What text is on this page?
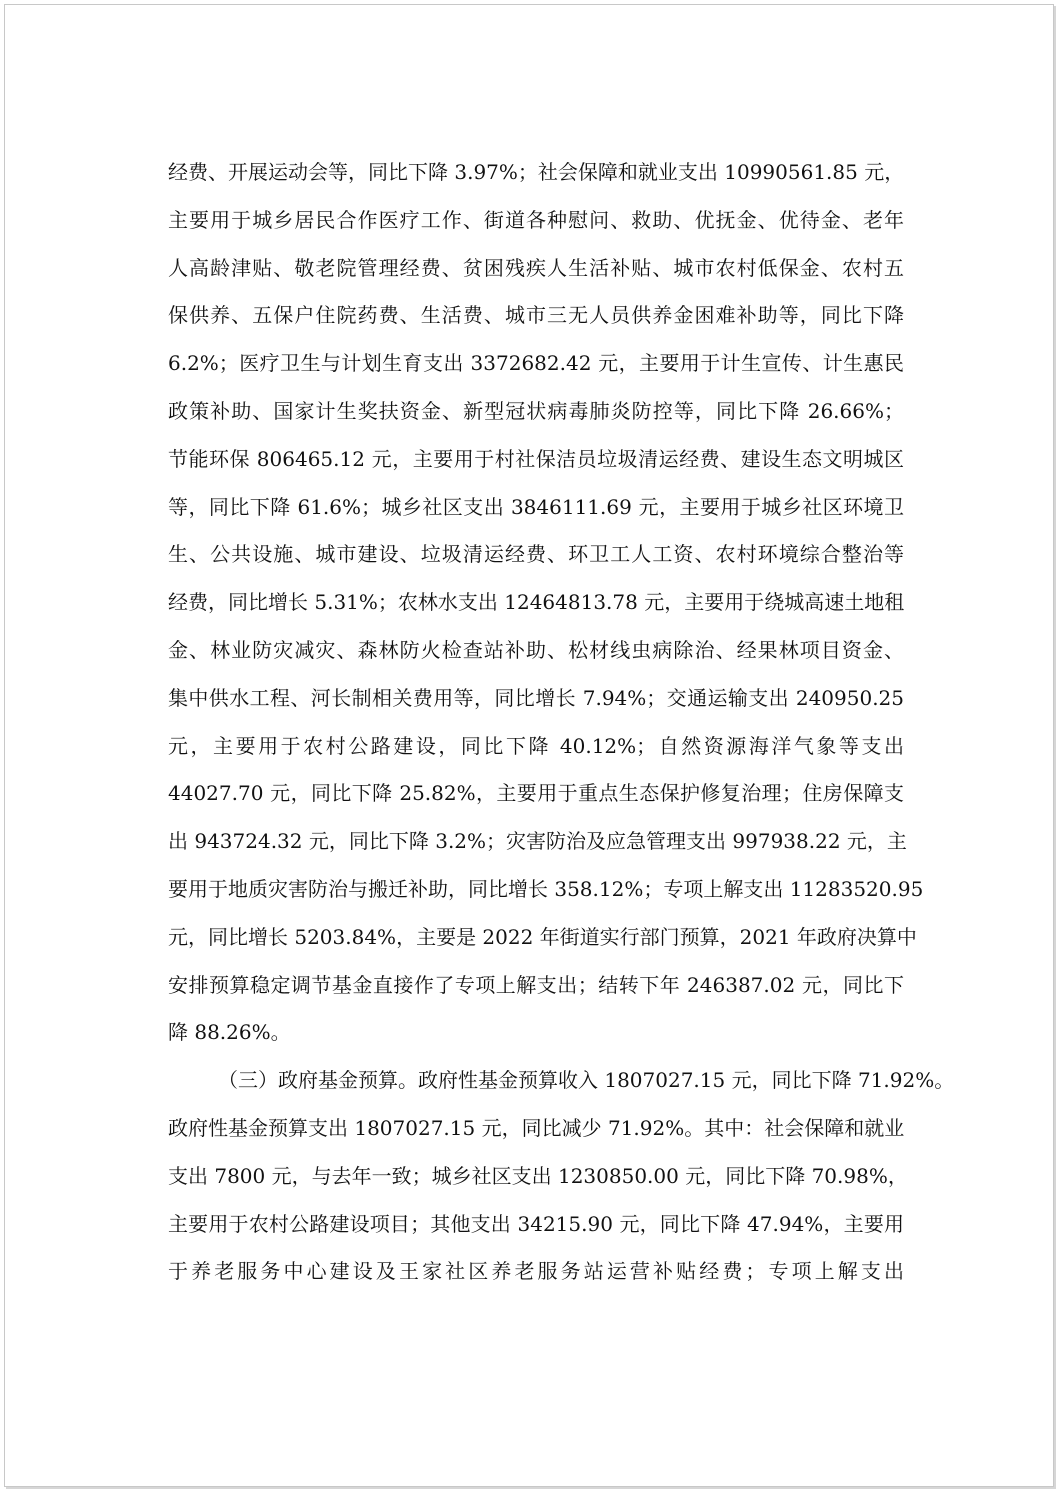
经费、开展运动会等，同比下降 3.97%；社会保障和就业支出 10990561.85 元，
主要用于城乡居民合作医疗工作、街道各种慰问、救助、优抚金、优待金、老年
人高龄津贴、敬老院管理经费、贫困残疾人生活补贴、城市农村低保金、农村五
保供养、五保户住院药费、生活费、城市三无人员供养金困难补助等，同比下降
6.2%；医疗卫生与计划生育支出 3372682.42 元，主要用于计生宣传、计生惠民
政策补助、国家计生奖扶资金、新型冠状病毒肺炎防控等，同比下降 26.66%；
节能环保 806465.12 元，主要用于村社保洁员垃圾清运经费、建设生态文明城区
等，同比下降 61.6%；城乡社区支出 3846111.69 元，主要用于城乡社区环境卫
生、公共设施、城市建设、垃圾清运经费、环卫工人工资、农村环境综合整治等
经费，同比增长 5.31%；农林水支出 12464813.78 元，主要用于绕城高速土地租
金、林业防灾减灾、森林防火检查站补助、松材线虫病除治、经果林项目资金、
集中供水工程、河长制相关费用等，同比增长 7.94%；交通运输支出 240950.25
元，主要用于农村公路建设，同比下降 40.12%；自然资源海洋气象等支出
44027.70 元，同比下降 25.82%，主要用于重点生态保护修复治理；住房保障支
出 943724.32 元，同比下降 3.2%；灾害防治及应急管理支出 997938.22 元，主
要用于地质灾害防治与搬迁补助，同比增长 358.12%；专项上解支出 11283520.95
元，同比增长 5203.84%，主要是 2022 年街道实行部门预算，2021 年政府决算中
安排预算稳定调节基金直接作了专项上解支出；结转下年 246387.02 元，同比下
降 88.26%。
（三）政府基金预算。政府性基金预算收入 1807027.15 元，同比下降 71.92%。
政府性基金预算支出 1807027.15 元，同比减少 71.92%。其中：社会保障和就业
支出 7800 元，与去年一致；城乡社区支出 1230850.00 元，同比下降 70.98%，
主要用于农村公路建设项目；其他支出 34215.90 元，同比下降 47.94%，主要用
于养老服务中心建设及王家社区养老服务站运营补贴经费；专项上解支出
